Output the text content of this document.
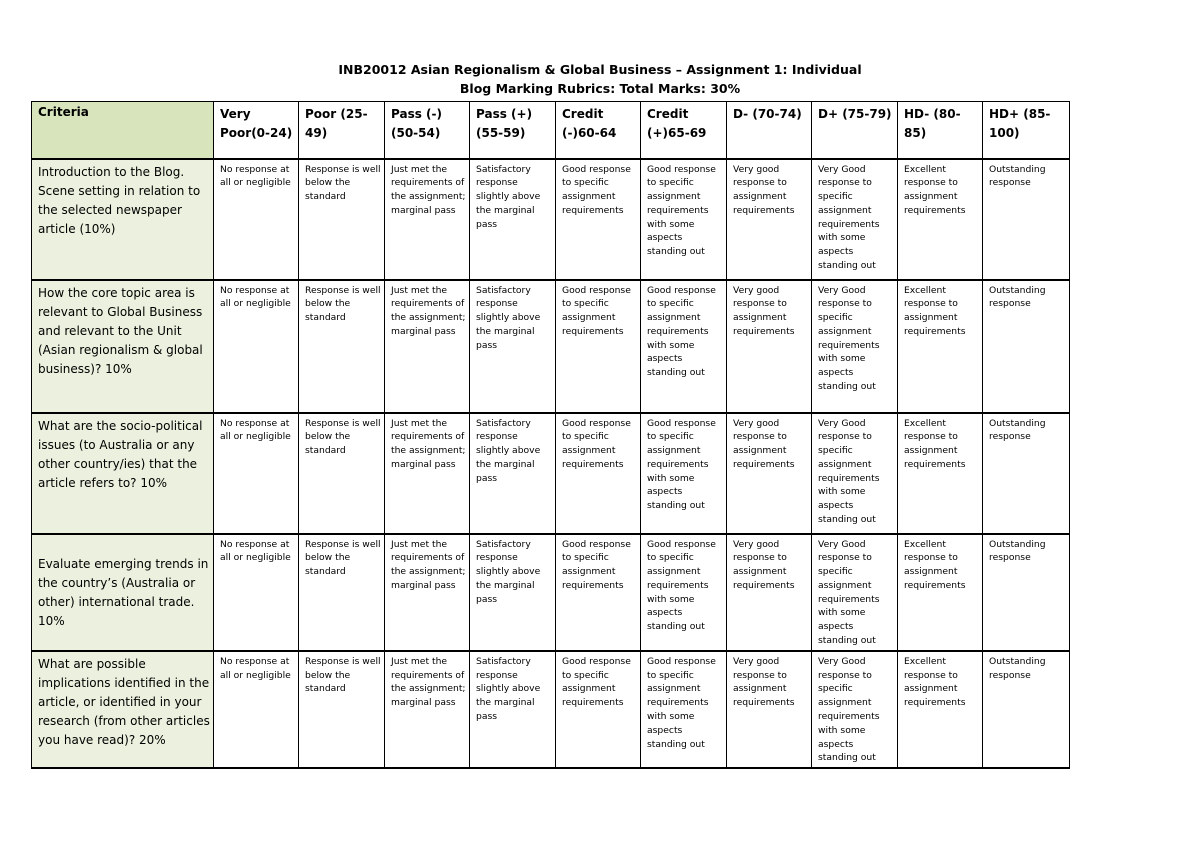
INB20012 Asian Regionalism & Global Business – Assignment 1: Individual
Blog Marking Rubrics: Total Marks: 30%
Criteria	Very Poor(0-24)	Poor (25-49)	Pass (-) (50-54)	Pass (+)(55-59)	Credit (-)60-64	Credit (+)65-69	D- (70-74)	D+ (75-79)	HD- (80-85)	HD+ (85-100)
Introduction to the Blog. Scene setting in relation to the selected newspaper article (10%)	No response at all or negligible	Response is well below the standard	Just met the requirements of the assignment; marginal pass	Satisfactory response slightly above the marginal pass	Good response to specific assignment requirements	Good response to specific assignment requirements with some aspects standing out	Very good response to assignment requirements	Very Good response to specific assignment requirements with some aspects standing out	Excellent response to assignment requirements	Outstanding response
How the core topic area is relevant to Global Business and relevant to the Unit (Asian regionalism & global business)? 10%	No response at all or negligible	Response is well below the standard	Just met the requirements of the assignment; marginal pass	Satisfactory response slightly above the marginal pass	Good response to specific assignment requirements	Good response to specific assignment requirements with some aspects standing out	Very good response to assignment requirements	Very Good response to specific assignment requirements with some aspects standing out	Excellent response to assignment requirements	Outstanding response
What are the socio-political issues (to Australia or any other country/ies) that the article refers to? 10%	No response at all or negligible	Response is well below the standard	Just met the requirements of the assignment; marginal pass	Satisfactory response slightly above the marginal pass	Good response to specific assignment requirements	Good response to specific assignment requirements with some aspects standing out	Very good response to assignment requirements	Very Good response to specific assignment requirements with some aspects standing out	Excellent response to assignment requirements	Outstanding response
Evaluate emerging trends in the country’s (Australia or other) international trade. 10%	No response at all or negligible	Response is well below the standard	Just met the requirements of the assignment; marginal pass	Satisfactory response slightly above the marginal pass	Good response to specific assignment requirements	Good response to specific assignment requirements with some aspects standing out	Very good response to assignment requirements	Very Good response to specific assignment requirements with some aspects standing out	Excellent response to assignment requirements	Outstanding response
What are possible implications identified in the article, or identified in your research (from other articles you have read)? 20%	No response at all or negligible	Response is well below the standard	Just met the requirements of the assignment; marginal pass	Satisfactory response slightly above the marginal pass	Good response to specific assignment requirements	Good response to specific assignment requirements with some aspects standing out	Very good response to assignment requirements	Very Good response to specific assignment requirements with some aspects standing out	Excellent response to assignment requirements	Outstanding response
